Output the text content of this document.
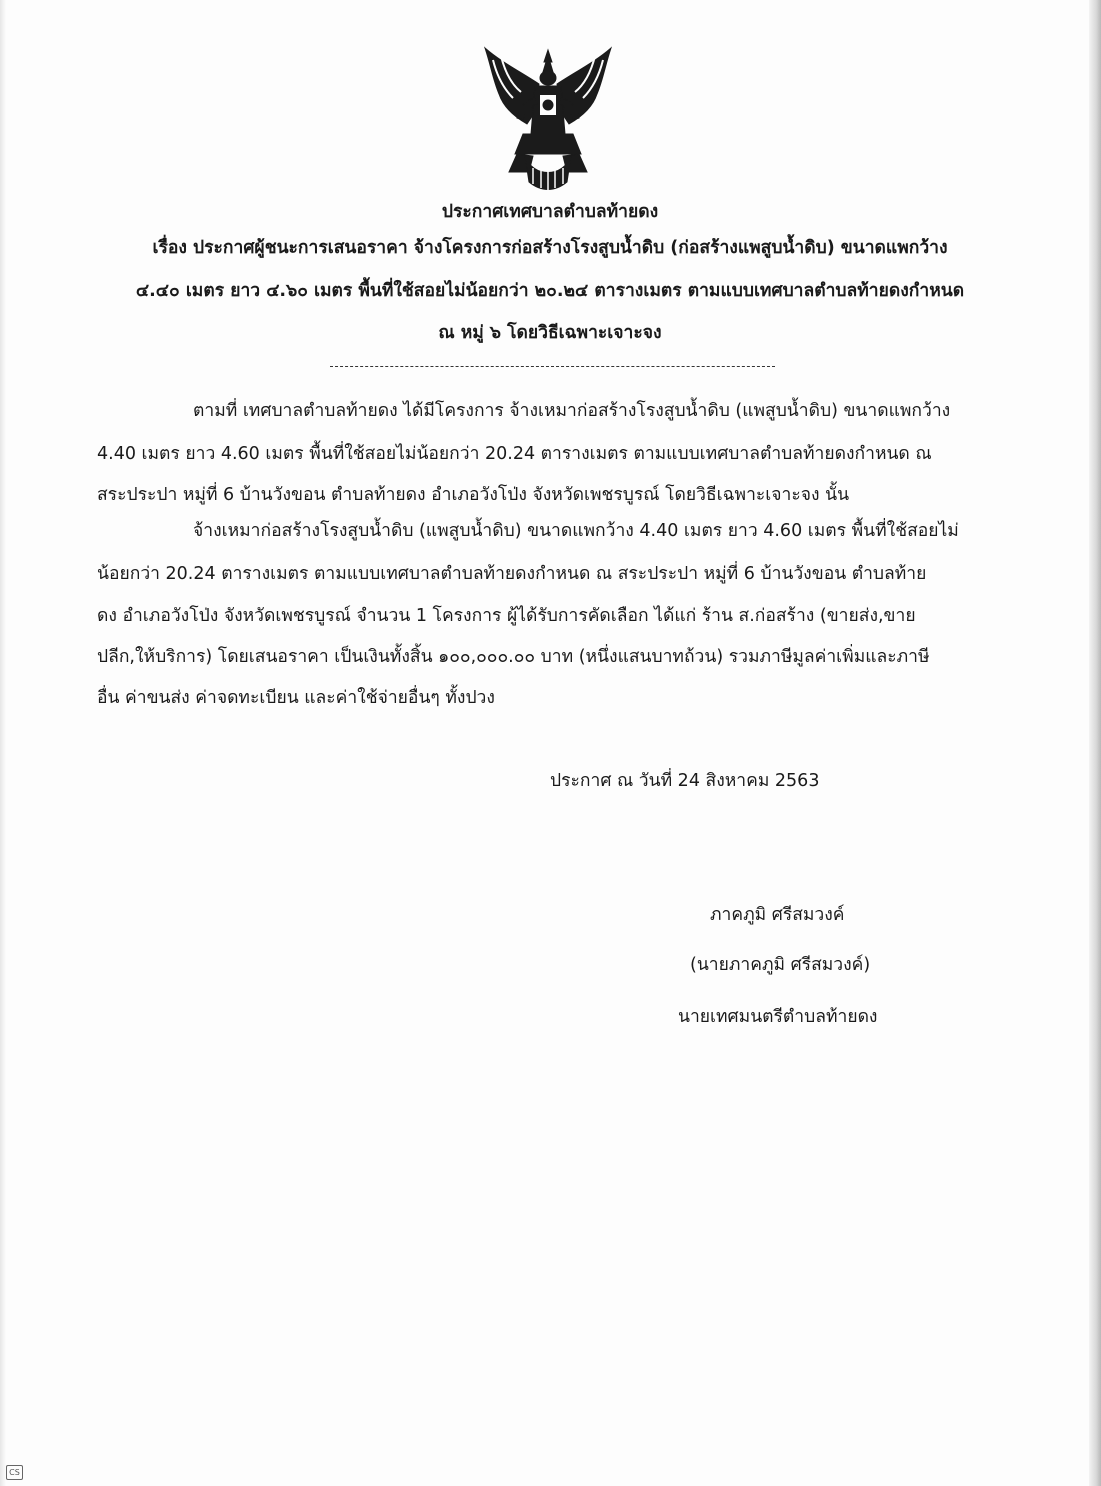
ประกาศเทศบาลตำบลท้ายดง
เรื่อง ประกาศผู้ชนะการเสนอราคา จ้างโครงการก่อสร้างโรงสูบน้ำดิบ (ก่อสร้างแพสูบน้ำดิบ) ขนาดแพกว้าง
๔.๔๐ เมตร ยาว ๔.๖๐ เมตร พื้นที่ใช้สอยไม่น้อยกว่า ๒๐.๒๔ ตารางเมตร ตามแบบเทศบาลตำบลท้ายดงกำหนด
ณ หมู่ ๖ โดยวิธีเฉพาะเจาะจง
ตามที่ เทศบาลตำบลท้ายดง ได้มีโครงการ จ้างเหมาก่อสร้างโรงสูบน้ำดิบ (แพสูบน้ำดิบ) ขนาดแพกว้าง
4.40 เมตร ยาว 4.60 เมตร พื้นที่ใช้สอยไม่น้อยกว่า 20.24 ตารางเมตร ตามแบบเทศบาลตำบลท้ายดงกำหนด ณ
สระประปา หมู่ที่ 6 บ้านวังขอน ตำบลท้ายดง อำเภอวังโป่ง จังหวัดเพชรบูรณ์ โดยวิธีเฉพาะเจาะจง นั้น
จ้างเหมาก่อสร้างโรงสูบน้ำดิบ (แพสูบน้ำดิบ) ขนาดแพกว้าง 4.40 เมตร ยาว 4.60 เมตร พื้นที่ใช้สอยไม่
น้อยกว่า 20.24 ตารางเมตร ตามแบบเทศบาลตำบลท้ายดงกำหนด ณ สระประปา หมู่ที่ 6 บ้านวังขอน ตำบลท้าย
ดง อำเภอวังโป่ง จังหวัดเพชรบูรณ์ จำนวน 1 โครงการ ผู้ได้รับการคัดเลือก ได้แก่ ร้าน ส.ก่อสร้าง (ขายส่ง,ขาย
ปลีก,ให้บริการ) โดยเสนอราคา เป็นเงินทั้งสิ้น ๑๐๐,๐๐๐.๐๐ บาท (หนึ่งแสนบาทถ้วน) รวมภาษีมูลค่าเพิ่มและภาษี
อื่น ค่าขนส่ง ค่าจดทะเบียน และค่าใช้จ่ายอื่นๆ ทั้งปวง
ประกาศ ณ วันที่ 24 สิงหาคม 2563
ภาคภูมิ ศรีสมวงค์
(นายภาคภูมิ ศรีสมวงค์)
นายเทศมนตรีตำบลท้ายดง
CS
